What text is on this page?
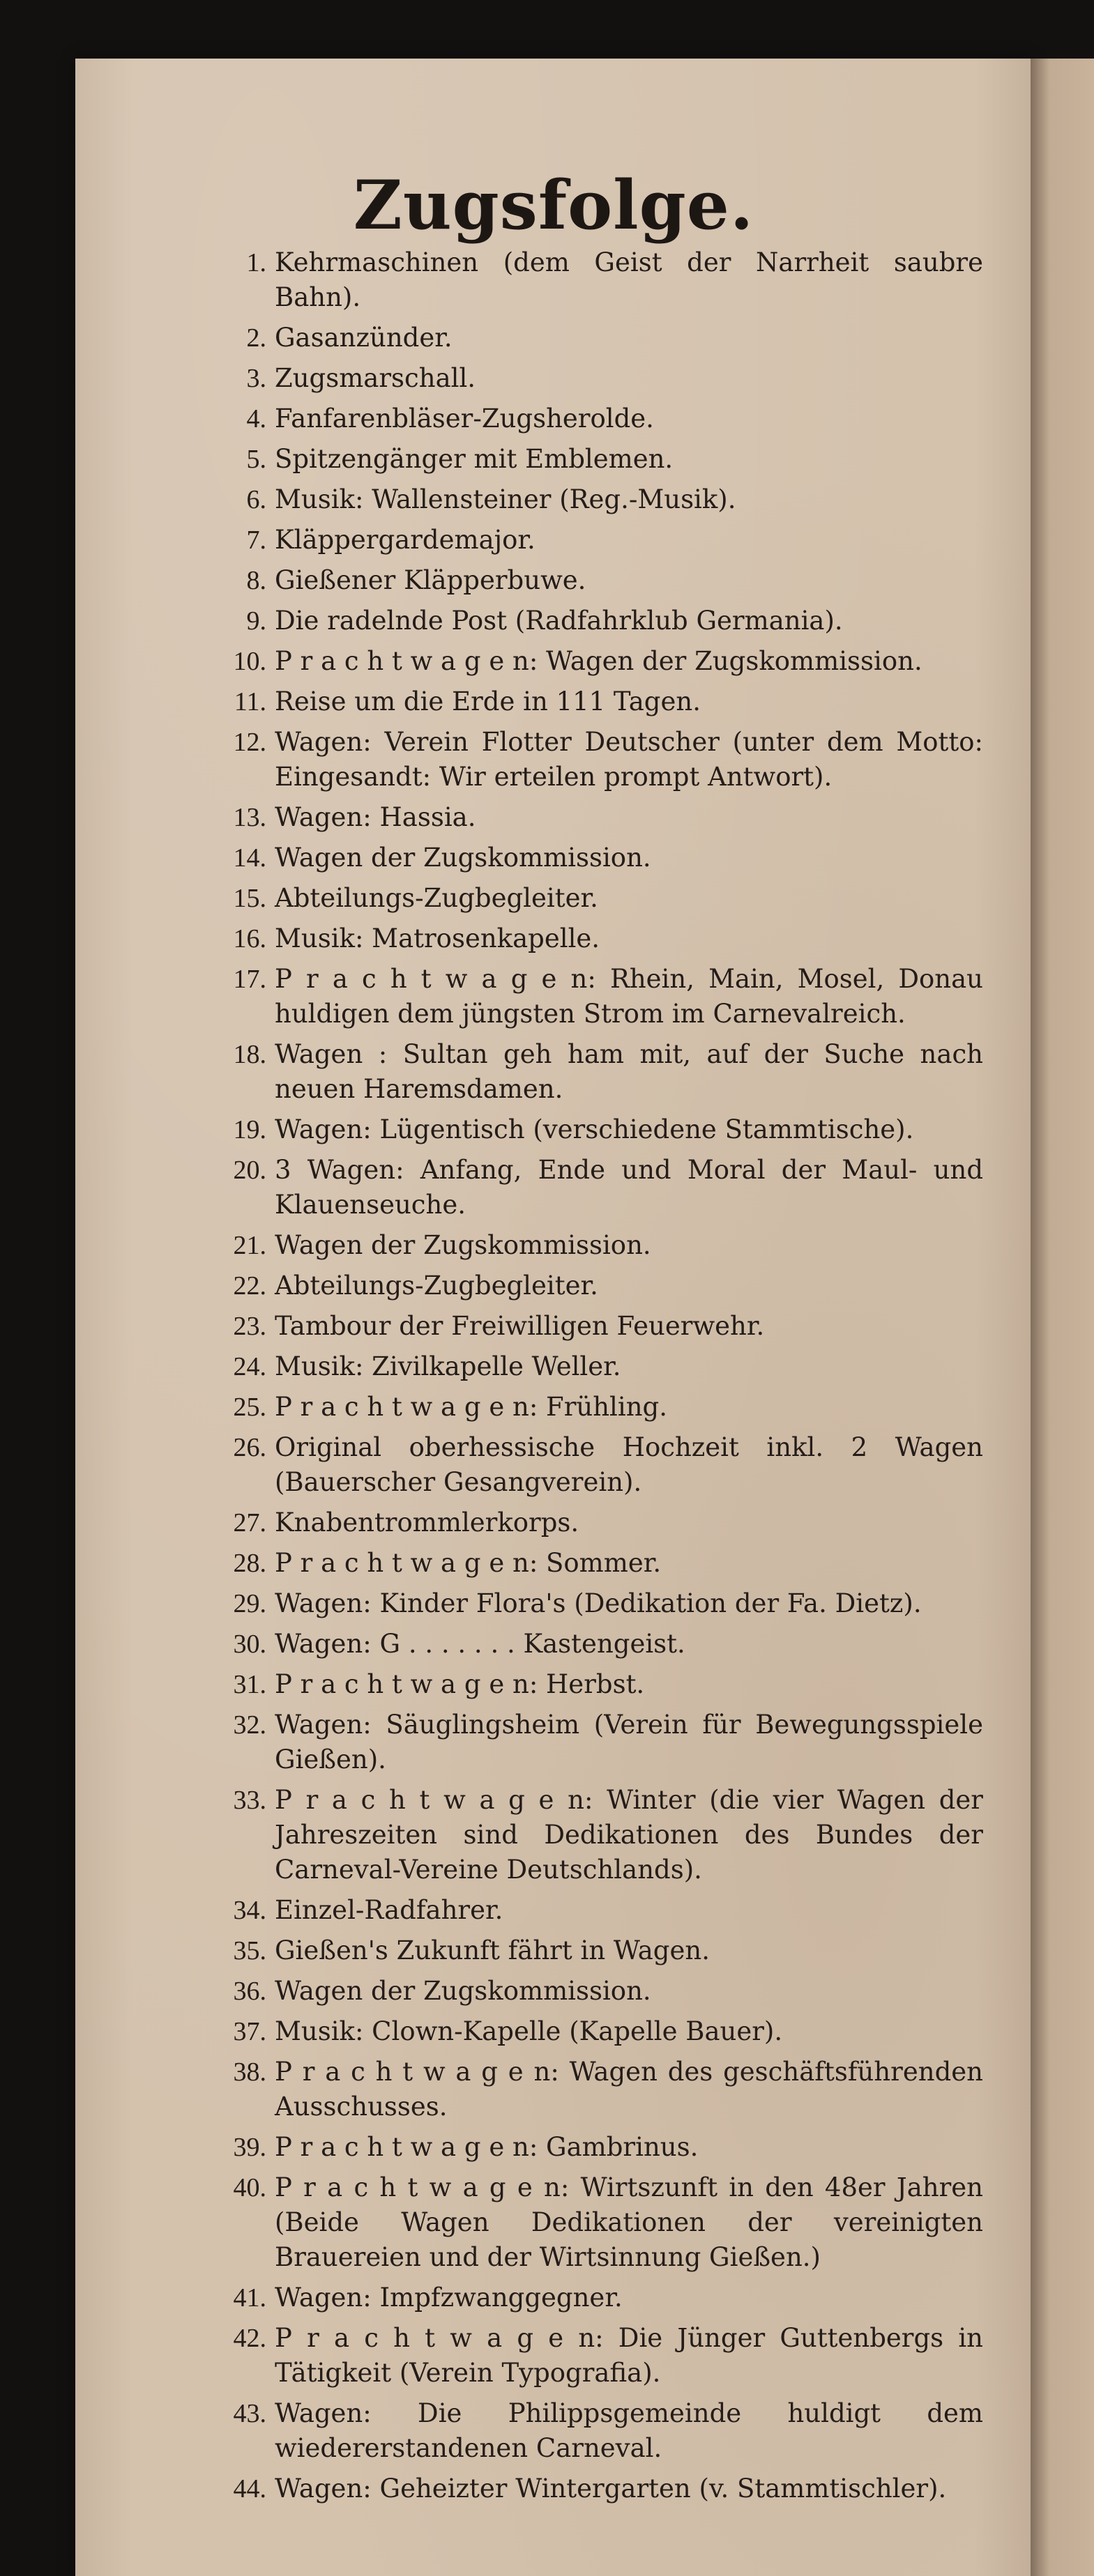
Zugsfolge.
1. Kehrmaschinen (dem Geist der Narrheit saubre Bahn).
2. Gasanzünder.
3. Zugsmarschall.
4. Fanfarenbläser-Zugsherolde.
5. Spitzengänger mit Emblemen.
6. Musik: Wallensteiner (Reg.-Musik).
7. Kläppergardemajor.
8. Gießener Kläpperbuwe.
9. Die radelnde Post (Radfahrklub Germania).
10. P r a c h t w a g e n: Wagen der Zugskommission.
11. Reise um die Erde in 111 Tagen.
12. Wagen: Verein Flotter Deutscher (unter dem Motto: Eingesandt: Wir erteilen prompt Antwort).
13. Wagen: Hassia.
14. Wagen der Zugskommission.
15. Abteilungs-Zugbegleiter.
16. Musik: Matrosenkapelle.
17. P r a c h t w a g e n: Rhein, Main, Mosel, Donau huldigen dem jüngsten Strom im Carnevalreich.
18. Wagen : Sultan geh ham mit, auf der Suche nach neuen Haremsdamen.
19. Wagen: Lügentisch (verschiedene Stammtische).
20. 3 Wagen: Anfang, Ende und Moral der Maul- und Klauenseuche.
21. Wagen der Zugskommission.
22. Abteilungs-Zugbegleiter.
23. Tambour der Freiwilligen Feuerwehr.
24. Musik: Zivilkapelle Weller.
25. P r a c h t w a g e n: Frühling.
26. Original oberhessische Hochzeit inkl. 2 Wagen (Bauerscher Gesangverein).
27. Knabentrommlerkorps.
28. P r a c h t w a g e n: Sommer.
29. Wagen: Kinder Flora's (Dedikation der Fa. Dietz).
30. Wagen: G . . . . . . . Kastengeist.
31. P r a c h t w a g e n: Herbst.
32. Wagen: Säuglingsheim (Verein für Bewegungsspiele Gießen).
33. P r a c h t w a g e n: Winter (die vier Wagen der Jahreszeiten sind Dedikationen des Bundes der Carneval-Vereine Deutschlands).
34. Einzel-Radfahrer.
35. Gießen's Zukunft fährt in Wagen.
36. Wagen der Zugskommission.
37. Musik: Clown-Kapelle (Kapelle Bauer).
38. P r a c h t w a g e n: Wagen des geschäftsführenden Ausschusses.
39. P r a c h t w a g e n: Gambrinus.
40. P r a c h t w a g e n: Wirtszunft in den 48er Jahren (Beide Wagen Dedikationen der vereinigten Brauereien und der Wirtsinnung Gießen.)
41. Wagen: Impfzwanggegner.
42. P r a c h t w a g e n: Die Jünger Guttenbergs in Tätigkeit (Verein Typografia).
43. Wagen: Die Philippsgemeinde huldigt dem wiedererstandenen Carneval.
44. Wagen: Geheizter Wintergarten (v. Stammtischler).
